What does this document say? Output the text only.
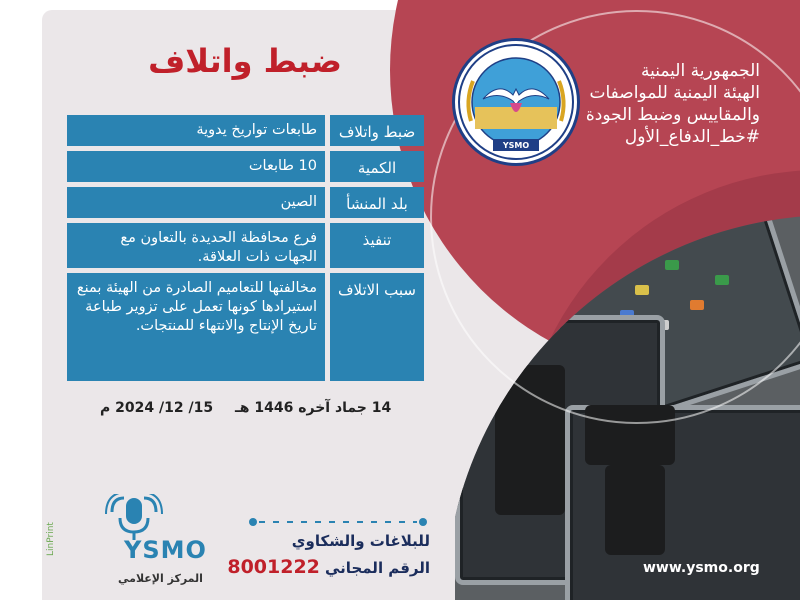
YSMO
الجمهورية اليمنية
الهيئة اليمنية للمواصفات
والمقاييس وضبط الجودة
#خط_الدفاع_الأول
ضبط واتلاف
ضبط واتلاف
طابعات تواريخ يدوية
الكمية
10 طابعات
بلد المنشأ
الصين
تنفيذ
فرع محافظة الحديدة بالتعاون مع الجهات ذات العلاقة.
سبب الاتلاف
مخالفتها للتعاميم الصادرة من الهيئة بمنع استيرادها كونها تعمل على تزوير طباعة تاريخ الإنتاج والانتهاء للمنتجات.
14 جماد آخره 1446 هـ
15/ 12/ 2024 م
للبلاغات والشكاوي
الرقم المجاني 8001222
YSMO
المركز الإعلامي
LinPrint
www.ysmo.org
